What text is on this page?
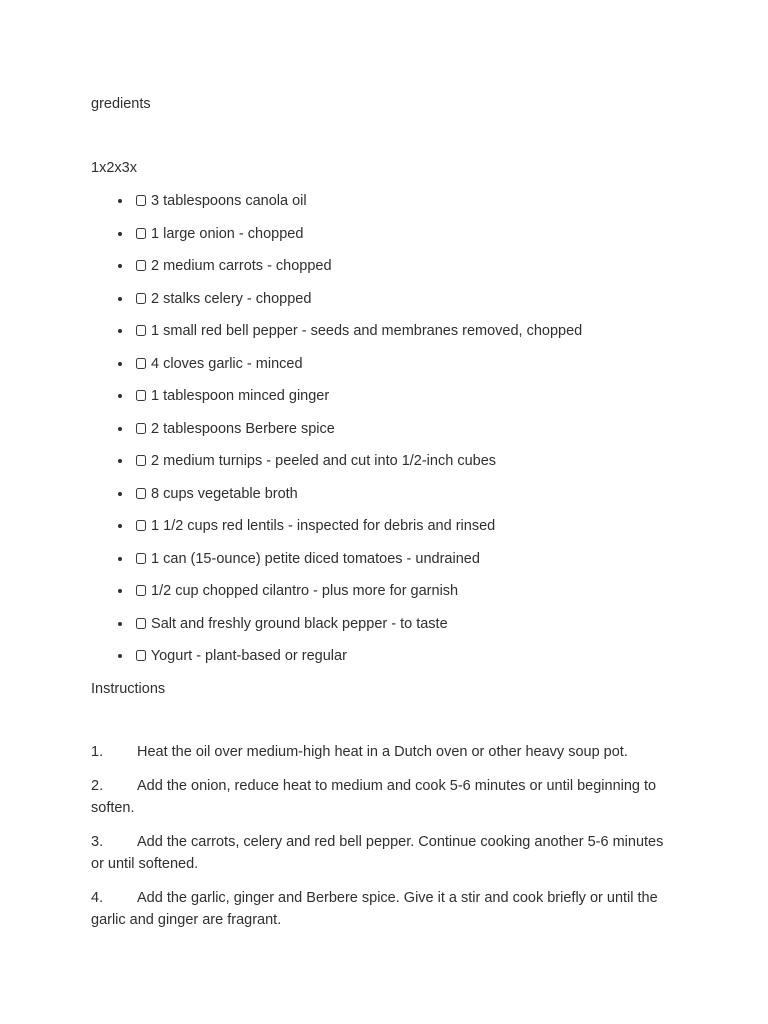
gredients
1x2x3x
3 tablespoons canola oil
1 large onion - chopped
2 medium carrots - chopped
2 stalks celery - chopped
1 small red bell pepper - seeds and membranes removed, chopped
4 cloves garlic - minced
1 tablespoon minced ginger
2 tablespoons Berbere spice
2 medium turnips - peeled and cut into 1/2-inch cubes
8 cups vegetable broth
1 1/2 cups red lentils - inspected for debris and rinsed
1 can (15-ounce) petite diced tomatoes - undrained
1/2 cup chopped cilantro - plus more for garnish
Salt and freshly ground black pepper - to taste
Yogurt - plant-based or regular
Instructions

1. Heat the oil over medium-high heat in a Dutch oven or other heavy soup pot.

2. Add the onion, reduce heat to medium and cook 5-6 minutes or until beginning to soften.

3. Add the carrots, celery and red bell pepper. Continue cooking another 5-6 minutes or until softened.

4. Add the garlic, ginger and Berbere spice. Give it a stir and cook briefly or until the garlic and ginger are fragrant.
